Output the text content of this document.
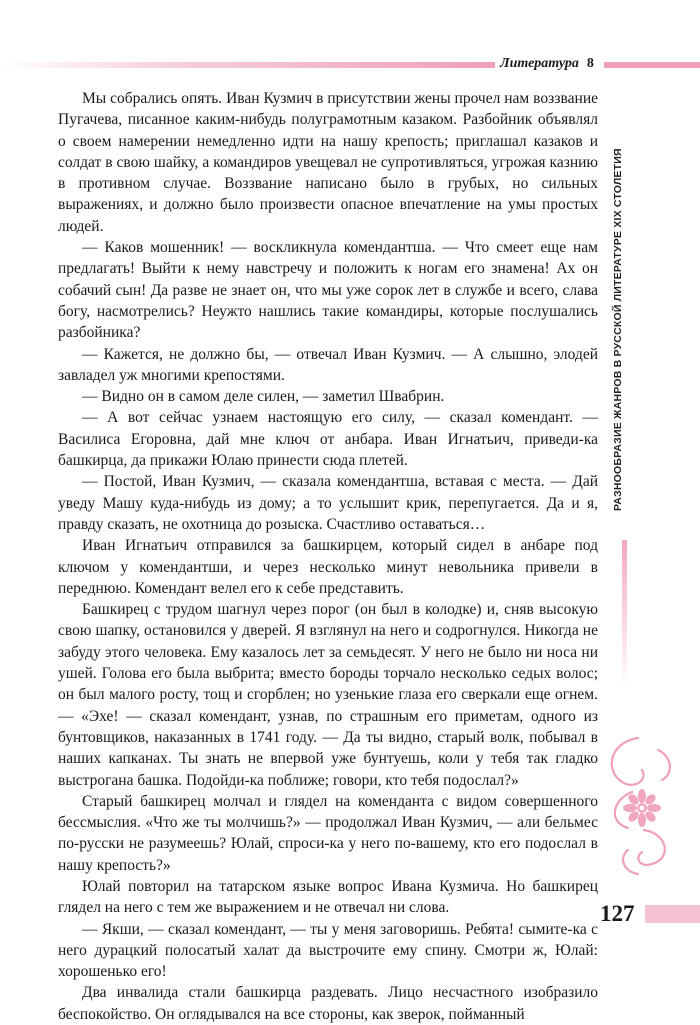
Литература 8

Мы собрались опять. Иван Кузмич в присутствии жены прочел нам воззвание Пугачева, писанное каким-нибудь полуграмотным казаком. Разбойник объявлял о своем намерении немедленно идти на нашу крепость; приглашал казаков и солдат в свою шайку, а командиров увещевал не супротивляться, угрожая казнию в противном случае. Воззвание написано было в грубых, но сильных выражениях, и должно было произвести опасное впечатление на умы простых людей.

— Каков мошенник! — воскликнула комендантша. — Что смеет еще нам предлагать! Выйти к нему навстречу и положить к ногам его знамена! Ах он собачий сын! Да разве не знает он, что мы уже сорок лет в службе и всего, слава богу, насмотрелись? Неужто нашлись такие командиры, которые послушались разбойника?

— Кажется, не должно бы, — отвечал Иван Кузмич. — А слышно, элодей завладел уж многими крепостями.

— Видно он в самом деле силен, — заметил Швабрин.

— А вот сейчас узнаем настоящую его силу, — сказал комендант. — Василиса Егоровна, дай мне ключ от анбара. Иван Игнатьич, приведи-ка башкирца, да прикажи Юлаю принести сюда плетей.

— Постой, Иван Кузмич, — сказала комендантша, вставая с места. — Дай уведу Машу куда-нибудь из дому; а то услышит крик, перепугается. Да и я, правду сказать, не охотница до розыска. Счастливо оставаться…

Иван Игнатьич отправился за башкирцем, который сидел в анбаре под ключом у комендантши, и через несколько минут невольника привели в переднюю. Комендант велел его к себе представить.

Башкирец с трудом шагнул через порог (он был в колодке) и, сняв высокую свою шапку, остановился у дверей. Я взглянул на него и содрогнулся. Никогда не забуду этого человека. Ему казалось лет за семьдесят. У него не было ни носа ни ушей. Голова его была выбрита; вместо бороды торчало несколько седых волос; он был малого росту, тощ и сгорблен; но узенькие глаза его сверкали еще огнем. — «Эхе! — сказал комендант, узнав, по страшным его приметам, одного из бунтовщиков, наказанных в 1741 году. — Да ты видно, старый волк, побывал в наших капканах. Ты знать не впервой уже бунтуешь, коли у тебя так гладко выстрогана башка. Подойди-ка поближе; говори, кто тебя подослал?»

Старый башкирец молчал и глядел на коменданта с видом совершенного бессмыслия. «Что же ты молчишь?» — продолжал Иван Кузмич, — али бельмес по-русски не разумеешь? Юлай, спроси-ка у него по-вашему, кто его подослал в нашу крепость?»

Юлай повторил на татарском языке вопрос Ивана Кузмича. Но башкирец глядел на него с тем же выражением и не отвечал ни слова.

— Якши, — сказал комендант, — ты у меня заговоришь. Ребята! сымите-ка с него дурацкий полосатый халат да выстрочите ему спину. Смотри ж, Юлай: хорошенько его!

Два инвалида стали башкирца раздевать. Лицо несчастного изобразило беспокойство. Он оглядывался на все стороны, как зверок, пойманный

РАЗНООБРАЗИЕ ЖАНРОВ В РУССКОЙ ЛИТЕРАТУРЕ XIX СТОЛЕТИЯ
127
